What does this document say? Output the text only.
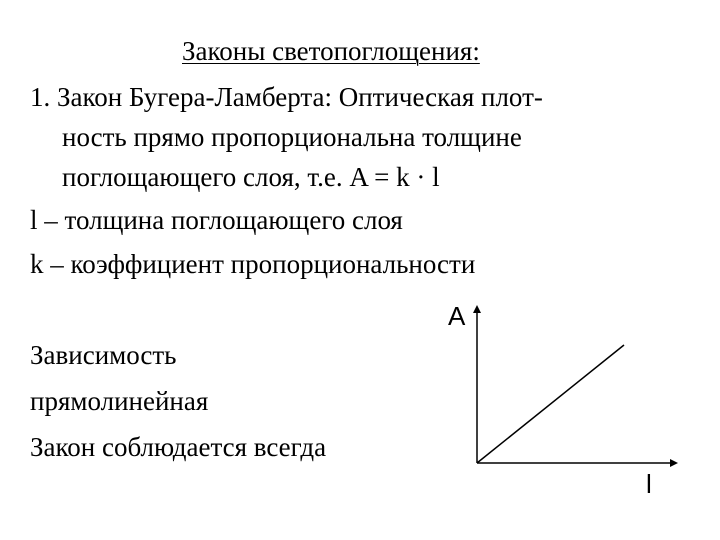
Законы светопоглощения:
1. Закон Бугера-Ламберта: Оптическая плот-
ность прямо пропорциональна толщине
поглощающего слоя, т.е. A = k · l
l – толщина поглощающего слоя
k – коэффициент пропорциональности
Зависимость
прямолинейная
Закон соблюдается всегда
A
l
